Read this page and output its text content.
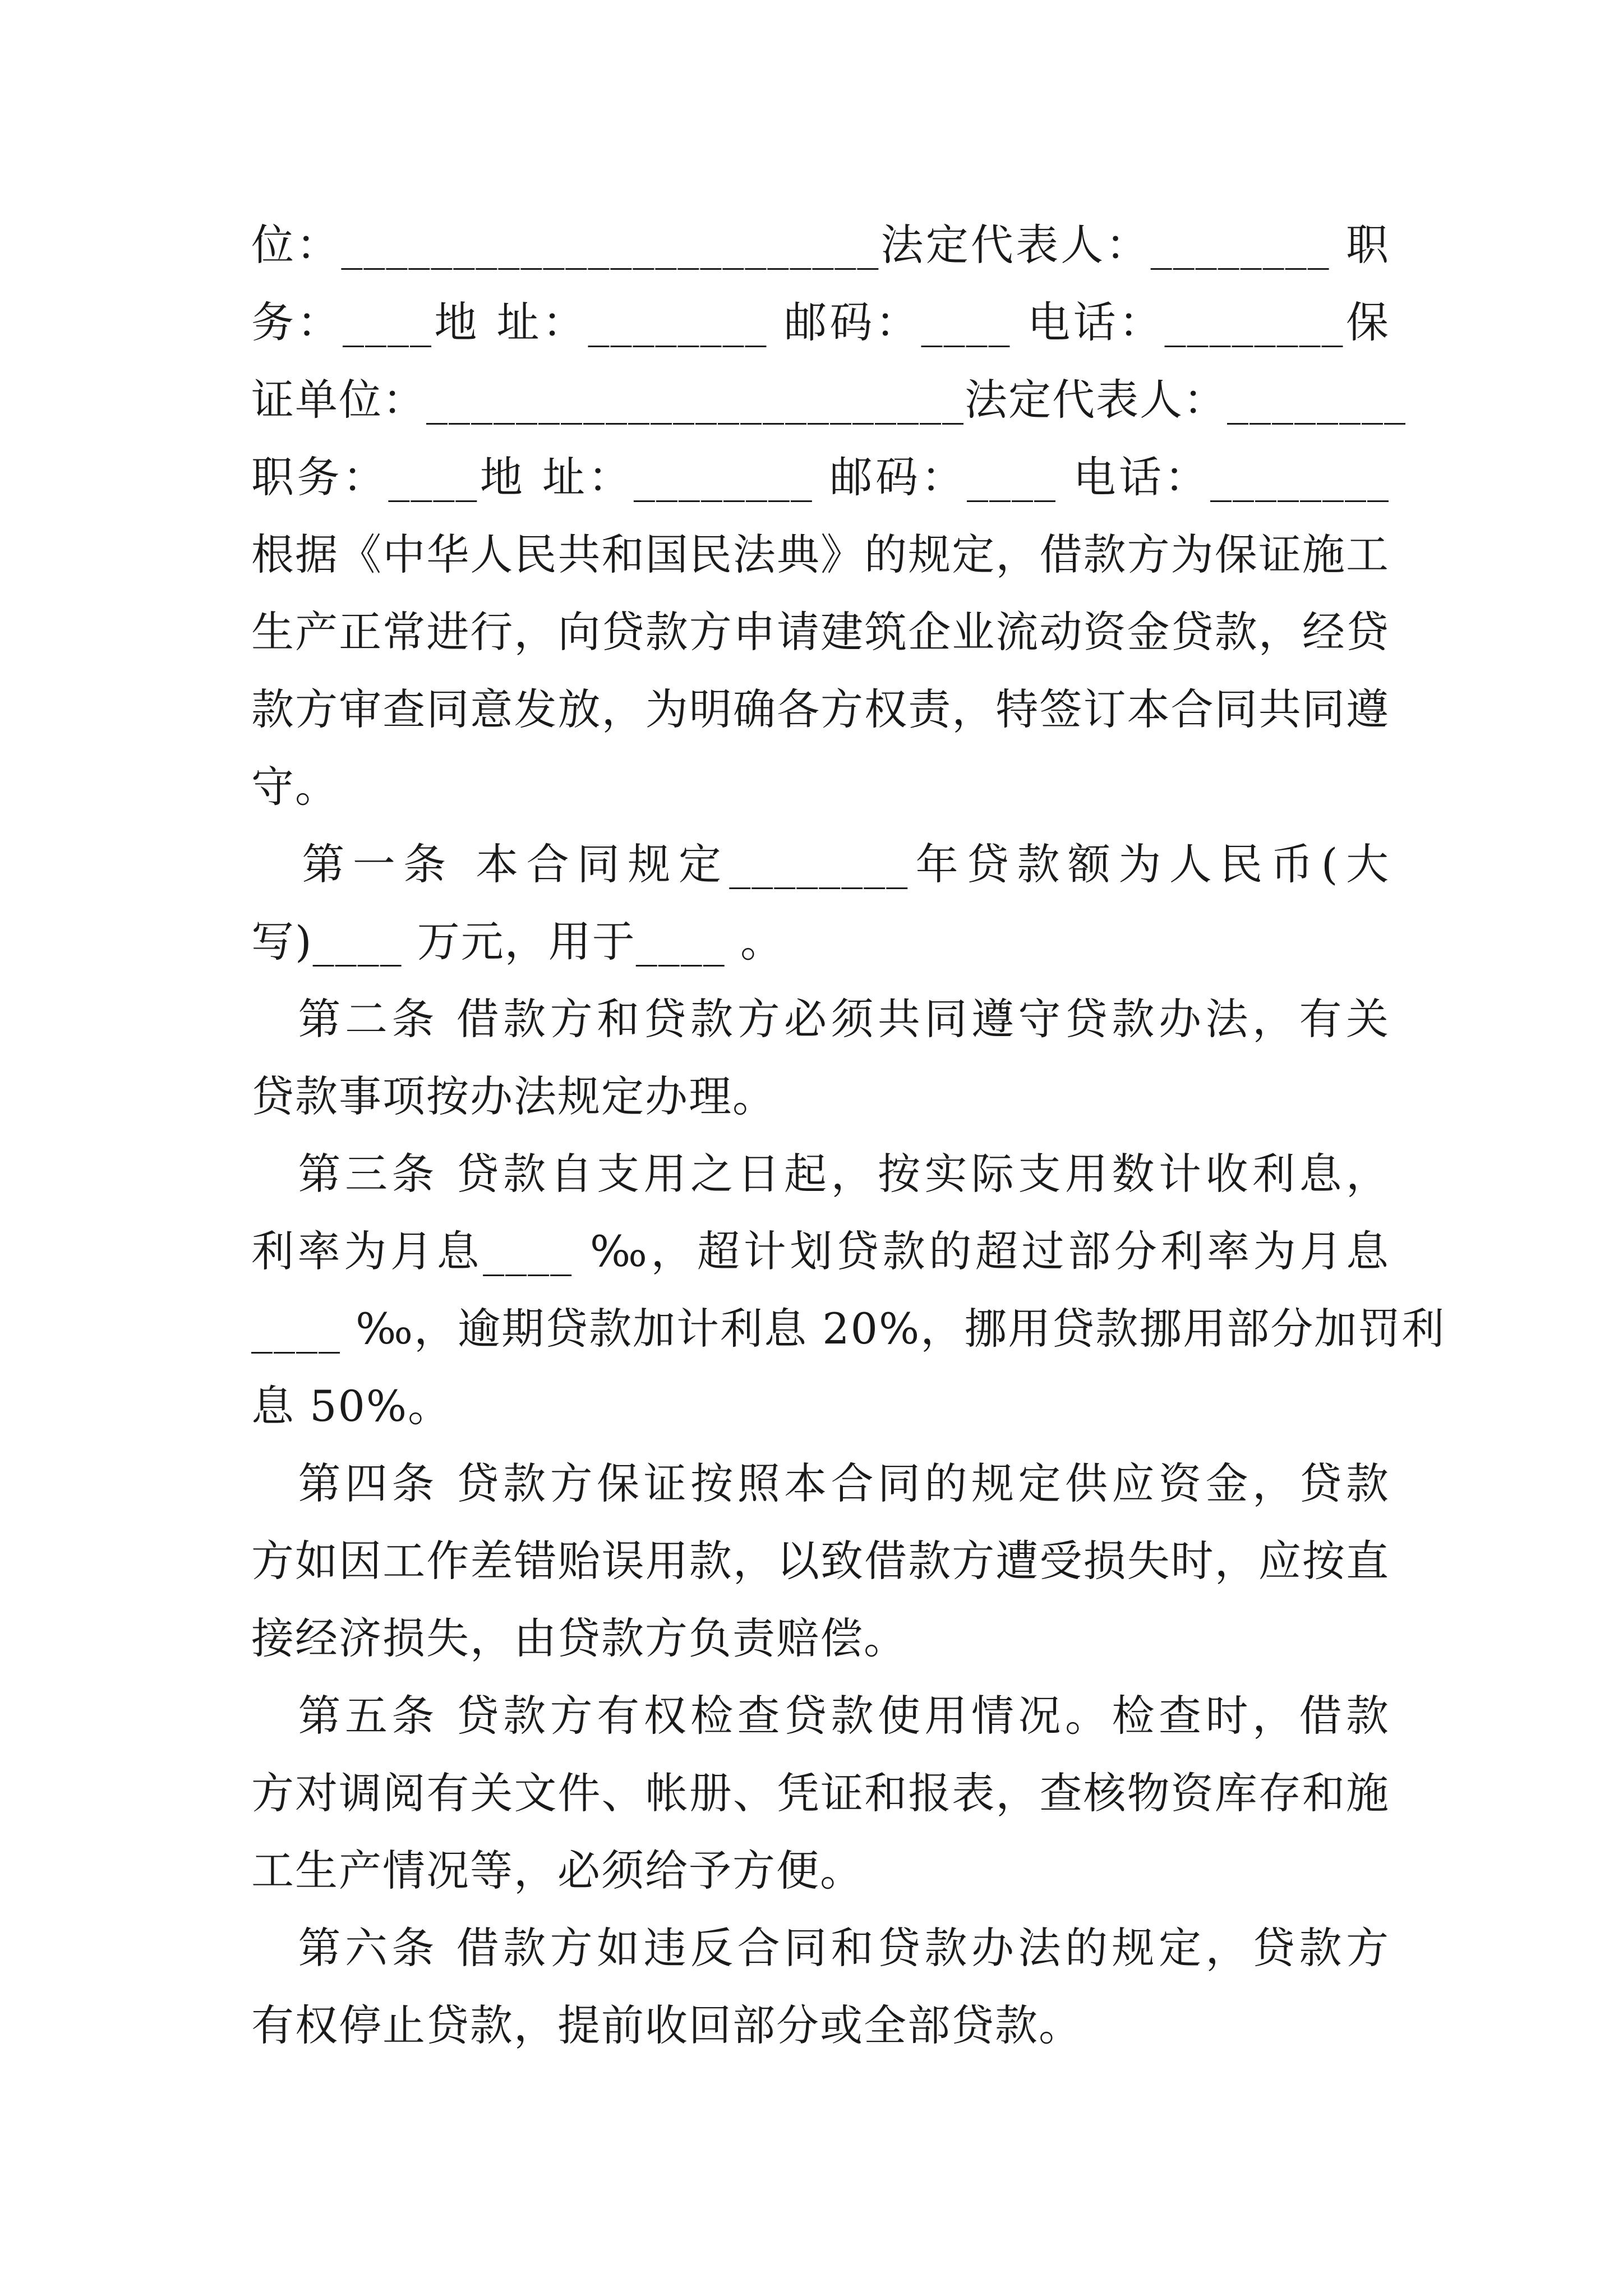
位：________________________法定代表人：________ 职
务：____地 址：________ 邮码：____ 电话：________保
证单位：________________________法定代表人：________
职务：____地 址：________ 邮码：____ 电话：________
根据《中华人民共和国民法典》的规定，借款方为保证施工
生产正常进行，向贷款方申请建筑企业流动资金贷款，经贷
款方审查同意发放，为明确各方权责，特签订本合同共同遵
守。
　第一条 本合同规定________年贷款额为人民币(大
写)____ 万元，用于____ 。
　第二条 借款方和贷款方必须共同遵守贷款办法，有关
贷款事项按办法规定办理。
　第三条 贷款自支用之日起，按实际支用数计收利息，
利率为月息____ ‰，超计划贷款的超过部分利率为月息
____ ‰，逾期贷款加计利息 20%，挪用贷款挪用部分加罚利
息 50%。
　第四条 贷款方保证按照本合同的规定供应资金，贷款
方如因工作差错贻误用款，以致借款方遭受损失时，应按直
接经济损失，由贷款方负责赔偿。
　第五条 贷款方有权检查贷款使用情况。检查时，借款
方对调阅有关文件、帐册、凭证和报表，查核物资库存和施
工生产情况等，必须给予方便。
　第六条 借款方如违反合同和贷款办法的规定，贷款方
有权停止贷款，提前收回部分或全部贷款。
